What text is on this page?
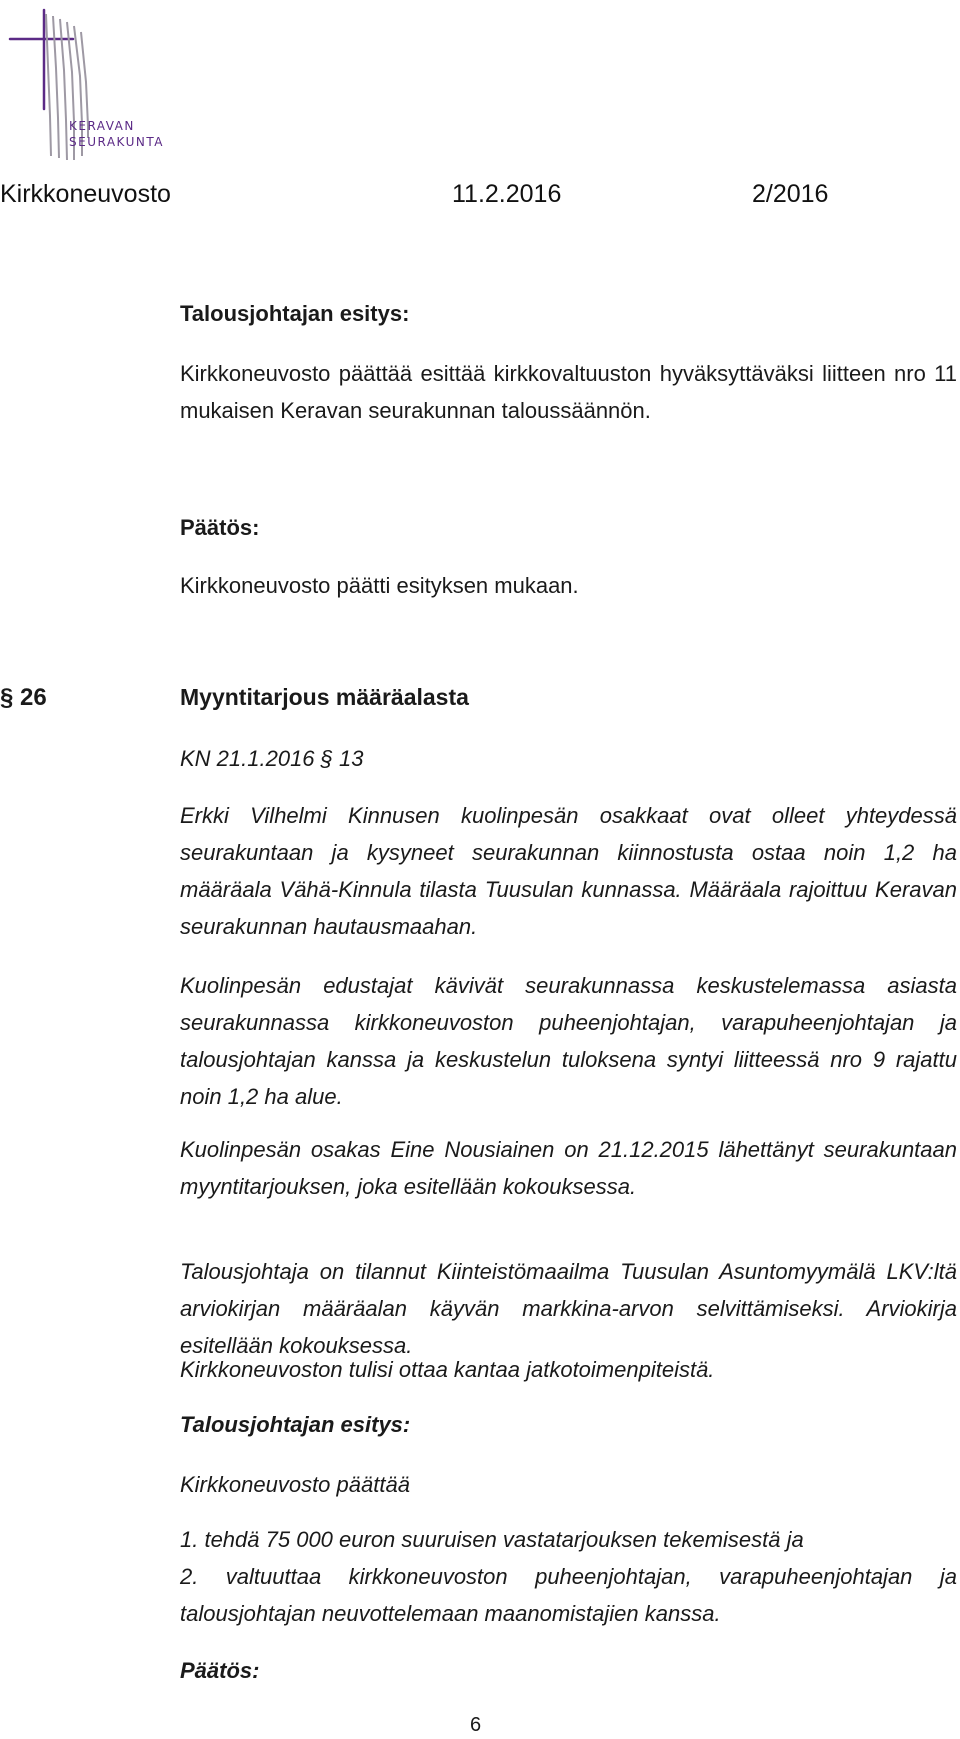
KERAVAN
SEURAKUNTA
Kirkkoneuvosto	11.2.2016	2/2016
Talousjohtajan esitys:
Kirkkoneuvosto päättää esittää kirkkovaltuuston hyväksyttäväksi liitteen nro 11 mukaisen Keravan seurakunnan taloussäännön.
Päätös:
Kirkkoneuvosto päätti esityksen mukaan.
§ 26	Myyntitarjous määräalasta
KN 21.1.2016 § 13
Erkki Vilhelmi Kinnusen kuolinpesän osakkaat ovat olleet yhteydessä seurakuntaan ja kysyneet seurakunnan kiinnostusta ostaa noin 1,2 ha määräala Vähä-Kinnula tilasta Tuusulan kunnassa. Määräala rajoittuu Keravan seurakunnan hautausmaahan.
Kuolinpesän edustajat kävivät seurakunnassa keskustelemassa asiasta seurakunnassa kirkkoneuvoston puheenjohtajan, varapuheenjohtajan ja talousjohtajan kanssa ja keskustelun tuloksena syntyi liitteessä nro 9 rajattu noin 1,2 ha alue.
Kuolinpesän osakas Eine Nousiainen on 21.12.2015 lähettänyt seurakuntaan myyntitarjouksen, joka esitellään kokouksessa.
Talousjohtaja on tilannut Kiinteistömaailma Tuusulan Asuntomyymälä LKV:ltä arviokirjan määräalan käyvän markkina-arvon selvittämiseksi. Arviokirja esitellään kokouksessa.
Kirkkoneuvoston tulisi ottaa kantaa jatkotoimenpiteistä.
Talousjohtajan esitys:
Kirkkoneuvosto päättää
1. tehdä 75 000 euron suuruisen vastatarjouksen tekemisestä ja
2. valtuuttaa kirkkoneuvoston puheenjohtajan, varapuheenjohtajan ja talousjohtajan neuvottelemaan maanomistajien kanssa.
Päätös:
6
